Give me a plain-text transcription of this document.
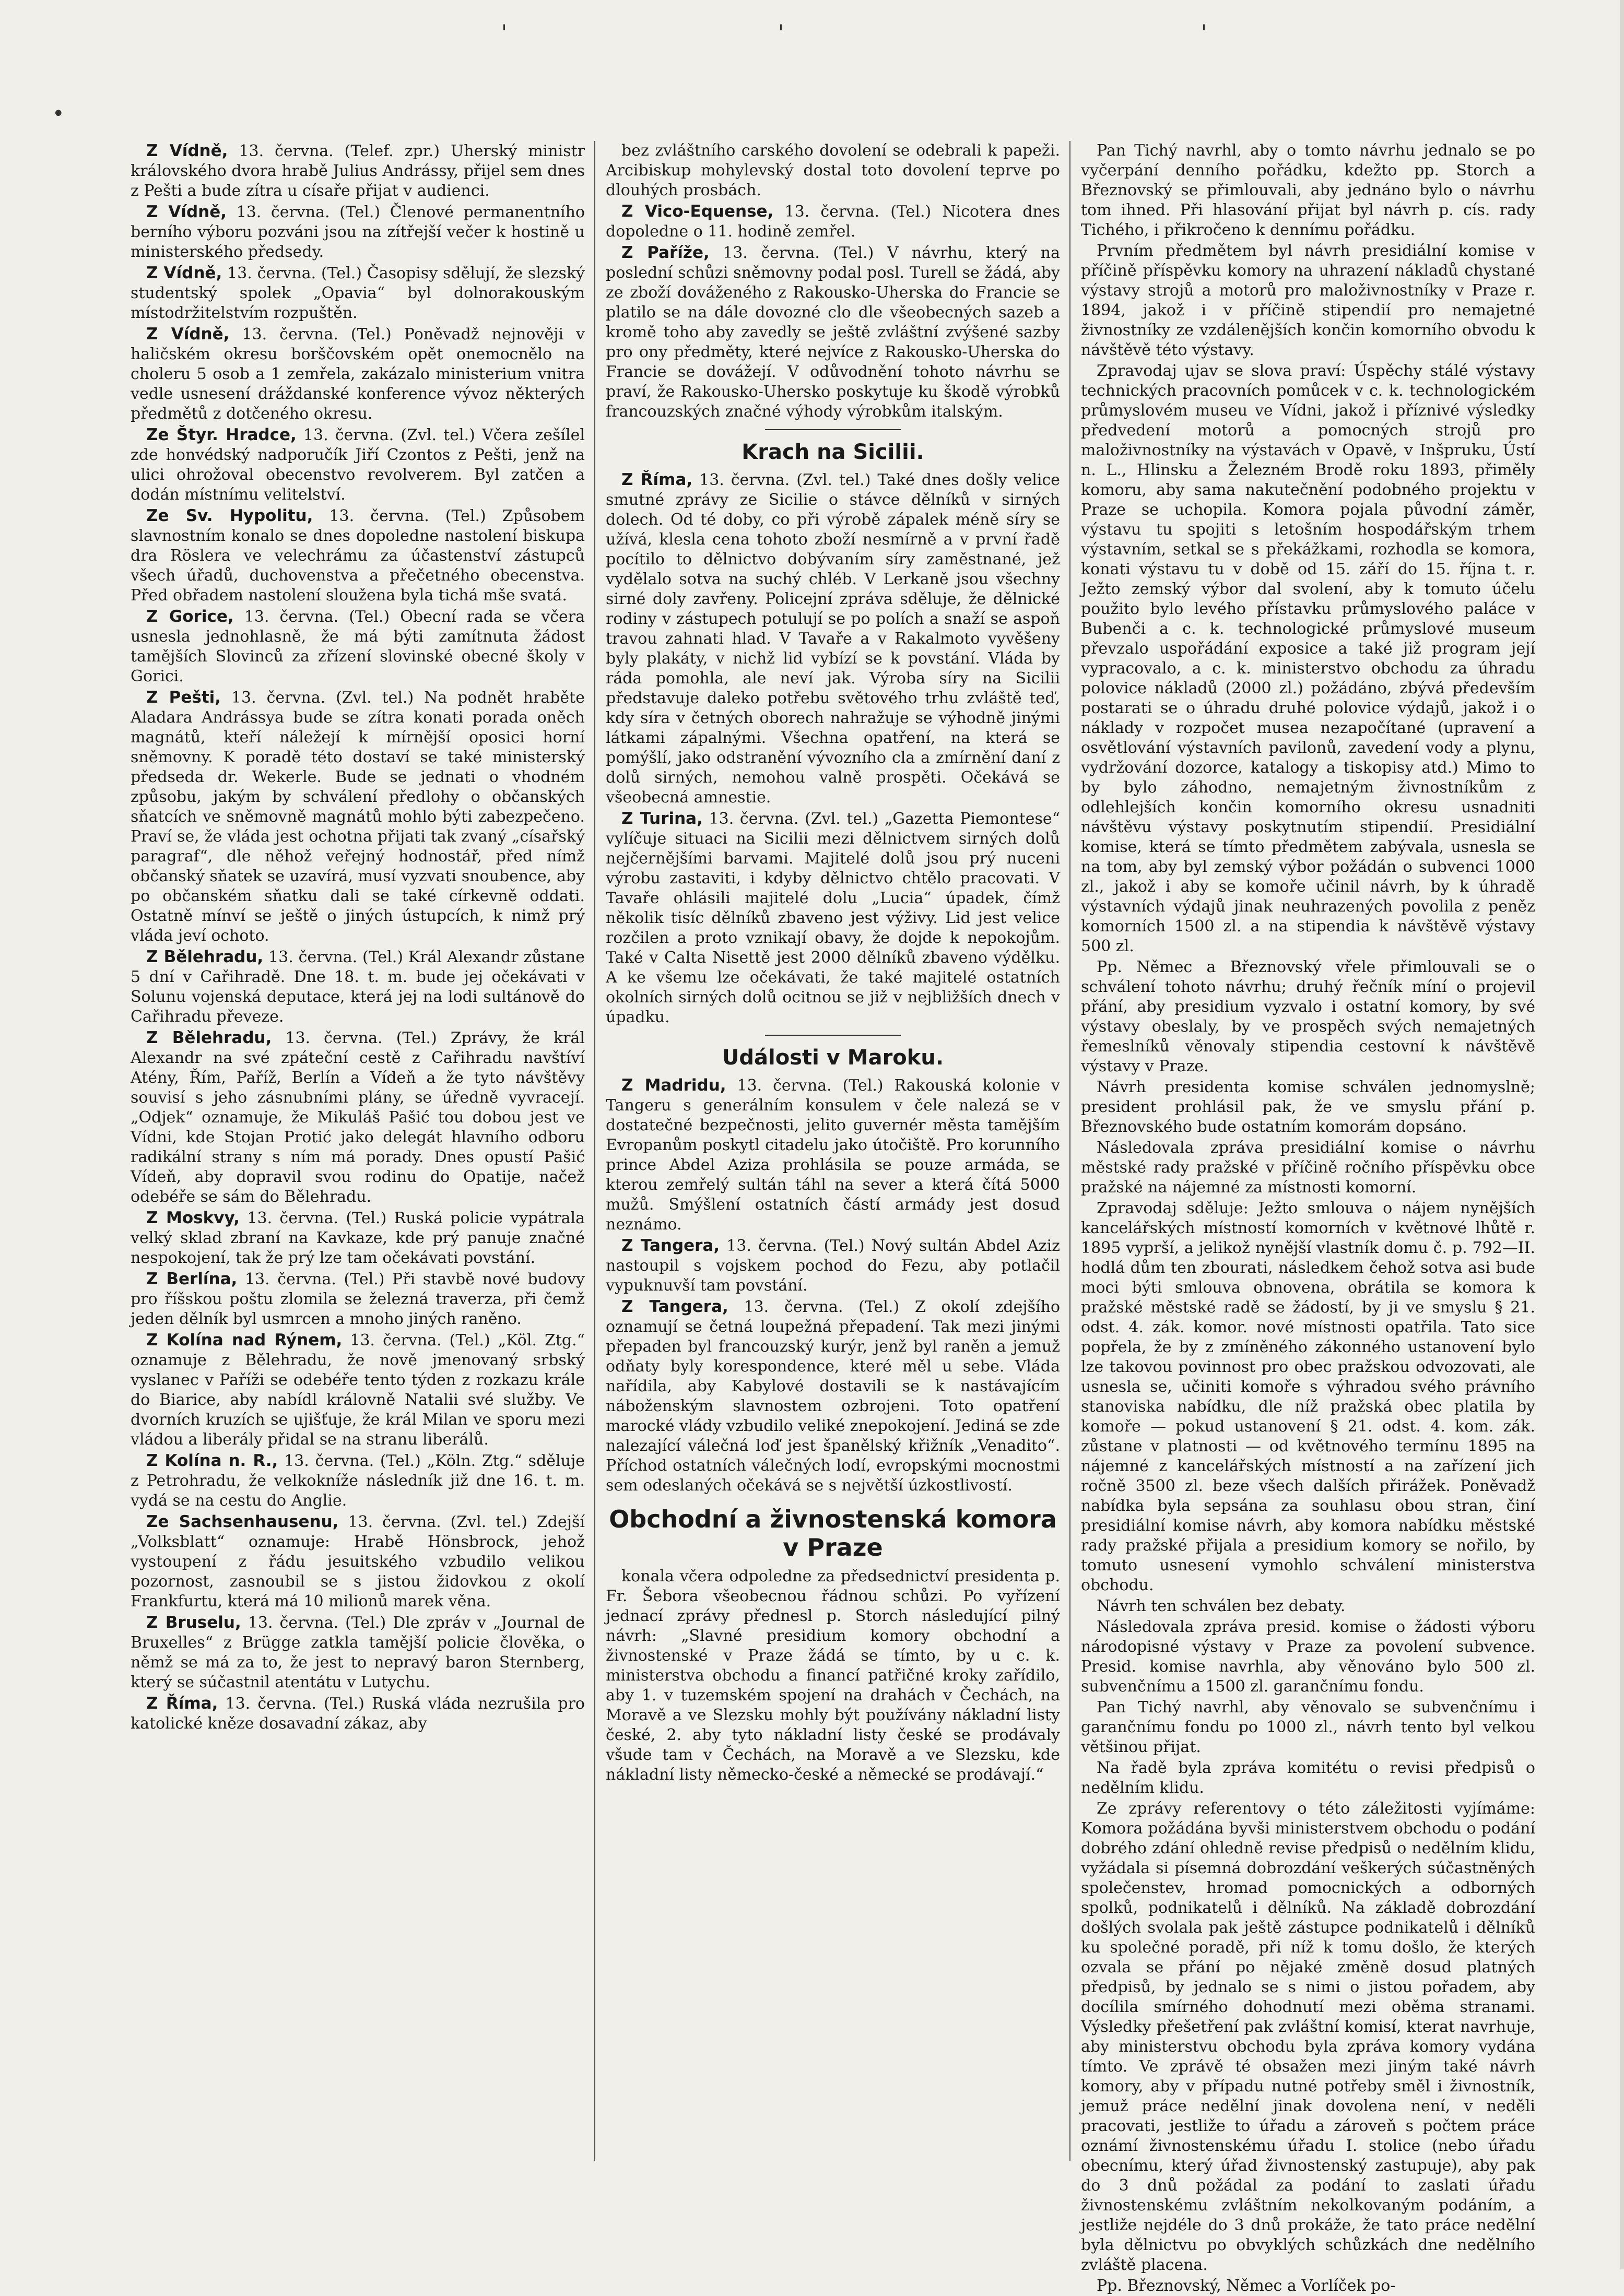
•
'	'	'

Z Vídně, 13. června. (Telef. zpr.) Uherský ministr královského dvora hrabě Julius Andrássy, přijel sem dnes z Pešti a bude zítra u císaře přijat v audienci.

Z Vídně, 13. června. (Tel.) Členové permanentního berního výboru pozváni jsou na zítřejší večer k hostině u ministerského předsedy.

Z Vídně, 13. června. (Tel.) Časopisy sdělují, že slezský studentský spolek „Opavia“ byl dolnorakouským místodržitelstvím rozpuštěn.

Z Vídně, 13. června. (Tel.) Poněvadž nejnověji v haličském okresu borščovském opět onemocnělo na choleru 5 osob a 1 zemřela, zakázalo ministerium vnitra vedle usnesení dráždanské konference vývoz některých předmětů z dotčeného okresu.

Ze Štyr. Hradce, 13. června. (Zvl. tel.) Včera zešílel zde honvédský nadporučík Jiří Czontos z Pešti, jenž na ulici ohrožoval obecenstvo revolverem. Byl zatčen a dodán místnímu velitelství.

Ze Sv. Hypolitu, 13. června. (Tel.) Způsobem slavnostním konalo se dnes dopoledne nastolení biskupa dra Röslera ve velechrámu za účastenství zástupců všech úřadů, duchovenstva a přečetného obecenstva. Před obřadem nastolení sloužena byla tichá mše svatá.

Z Gorice, 13. června. (Tel.) Obecní rada se včera usnesla jednohlasně, že má býti zamítnuta žádost tamějších Slovinců za zřízení slovinské obecné školy v Gorici.

Z Pešti, 13. června. (Zvl. tel.) Na podnět hraběte Aladara Andrássya bude se zítra konati porada oněch magnátů, kteří náležejí k mírnější oposici horní sněmovny. K poradě této dostaví se také ministerský předseda dr. Wekerle. Bude se jednati o vhodném způsobu, jakým by schválení předlohy o občanských sňatcích ve sněmovně magnátů mohlo býti zabezpečeno. Praví se, že vláda jest ochotna přijati tak zvaný „císařský paragraf“, dle něhož veřejný hodnostář, před nímž občanský sňatek se uzavírá, musí vyzvati snoubence, aby po občanském sňatku dali se také církevně oddati. Ostatně mínví se ještě o jiných ústupcích, k nimž prý vláda jeví ochoto.

Z Bělehradu, 13. června. (Tel.) Král Alexandr zůstane 5 dní v Cařihradě. Dne 18. t. m. bude jej očekávati v Solunu vojenská deputace, která jej na lodi sultánově do Cařihradu převeze.

Z Bělehradu, 13. června. (Tel.) Zprávy, že král Alexandr na své zpáteční cestě z Cařihradu navštíví Atény, Řím, Paříž, Berlín a Vídeň a že tyto návštěvy souvisí s jeho zásnubními plány, se úředně vyvracejí. „Odjek“ oznamuje, že Mikuláš Pašić tou dobou jest ve Vídni, kde Stojan Protić jako delegát hlavního odboru radikální strany s ním má porady. Dnes opustí Pašić Vídeň, aby dopravil svou rodinu do Opatije, načež odebéře se sám do Bělehradu.

Z Moskvy, 13. června. (Tel.) Ruská policie vypátrala velký sklad zbraní na Kavkaze, kde prý panuje značné nespokojení, tak že prý lze tam očekávati povstání.

Z Berlína, 13. června. (Tel.) Při stavbě nové budovy pro říšskou poštu zlomila se železná traverza, při čemž jeden dělník byl usmrcen a mnoho jiných raněno.

Z Kolína nad Rýnem, 13. června. (Tel.) „Köl. Ztg.“ oznamuje z Bělehradu, že nově jmenovaný srbský vyslanec v Paříži se odebéře tento týden z rozkazu krále do Biarice, aby nabídl královně Natalii své služby. Ve dvorních kruzích se ujišťuje, že král Milan ve sporu mezi vládou a liberály přidal se na stranu liberálů.

Z Kolína n. R., 13. června. (Tel.) „Köln. Ztg.“ sděluje z Petrohradu, že velkokníže následník již dne 16. t. m. vydá se na cestu do Anglie.

Ze Sachsenhausenu, 13. června. (Zvl. tel.) Zdejší „Volksblatt“ oznamuje: Hrabě Hönsbrock, jehož vystoupení z řádu jesuitského vzbudilo velikou pozornost, zasnoubil se s jistou židovkou z okolí Frankfurtu, která má 10 milionů marek věna.

Z Bruselu, 13. června. (Tel.) Dle zpráv v „Journal de Bruxelles“ z Brügge zatkla tamější policie člověka, o němž se má za to, že jest to nepravý baron Sternberg, který se súčastnil atentátu v Lutychu.

Z Říma, 13. června. (Tel.) Ruská vláda nezrušila pro katolické kněze dosavadní zákaz, aby

bez zvláštního carského dovolení se odebrali k papeži. Arcibiskup mohylevský dostal toto dovolení teprve po dlouhých prosbách.

Z Vico-Equense, 13. června. (Tel.) Nicotera dnes dopoledne o 11. hodině zemřel.

Z Paříže, 13. června. (Tel.) V návrhu, který na poslední schůzi sněmovny podal posl. Turell se žádá, aby ze zboží dováženého z Rakousko-Uherska do Francie se platilo se na dále dovozné clo dle všeobecných sazeb a kromě toho aby zavedly se ještě zvláštní zvýšené sazby pro ony předměty, které nejvíce z Rakousko-Uherska do Francie se dovážejí. V odůvodnění tohoto návrhu se praví, že Rakousko-Uhersko poskytuje ku škodě výrobků francouzských značné výhody výrobkům italským.

Krach na Sicilii.

Z Říma, 13. června. (Zvl. tel.) Také dnes došly velice smutné zprávy ze Sicilie o stávce dělníků v sirných dolech. Od té doby, co při výrobě zápalek méně síry se užívá, klesla cena tohoto zboží nesmírně a v první řadě pocítilo to dělnictvo dobývaním síry zaměstnané, jež vydělalo sotva na suchý chléb. V Lerkaně jsou všechny sirné doly zavřeny. Policejní zpráva sděluje, že dělnické rodiny v zástupech potulují se po polích a snaží se aspoň travou zahnati hlad. V Tavaře a v Rakalmoto vyvěšeny byly plakáty, v nichž lid vybízí se k povstání. Vláda by ráda pomohla, ale neví jak. Výroba síry na Sicilii představuje daleko potřebu světového trhu zvláště teď, kdy síra v četných oborech nahražuje se výhodně jinými látkami zápalnými. Všechna opatření, na která se pomýšlí, jako odstranění vývozního cla a zmírnění daní z dolů sirných, nemohou valně prospěti. Očekává se všeobecná amnestie.

Z Turina, 13. června. (Zvl. tel.) „Gazetta Piemontese“ vylíčuje situaci na Sicilii mezi dělnictvem sirných dolů nejčernějšími barvami. Majitelé dolů jsou prý nuceni výrobu zastaviti, i kdyby dělnictvo chtělo pracovati. V Tavaře ohlásili majitelé dolu „Lucia“ úpadek, čímž několik tisíc dělníků zbaveno jest výživy. Lid jest velice rozčilen a proto vznikají obavy, že dojde k nepokojům. Také v Calta Nisettě jest 2000 dělníků zbaveno výdělku. A ke všemu lze očekávati, že také majitelé ostatních okolních sirných dolů ocitnou se již v nejbližších dnech v úpadku.

Události v Maroku.

Z Madridu, 13. června. (Tel.) Rakouská kolonie v Tangeru s generálním konsulem v čele nalezá se v dostatečné bezpečnosti, jelito guvernér města tamějším Evropanům poskytl citadelu jako útočiště. Pro korunního prince Abdel Aziza prohlásila se pouze armáda, se kterou zemřelý sultán táhl na sever a která čítá 5000 mužů. Smýšlení ostatních částí armády jest dosud neznámo.

Z Tangera, 13. června. (Tel.) Nový sultán Abdel Aziz nastoupil s vojskem pochod do Fezu, aby potlačil vypuknuvší tam povstání.

Z Tangera, 13. června. (Tel.) Z okolí zdejšího oznamují se četná loupežná přepadení. Tak mezi jinými přepaden byl francouzský kurýr, jenž byl raněn a jemuž odňaty byly korespondence, které měl u sebe. Vláda nařídila, aby Kabylové dostavili se k nastávajícím náboženským slavnostem ozbrojeni. Toto opatření marocké vlády vzbudilo veliké znepokojení. Jediná se zde nalezající válečná loď jest španělský křižník „Venadito“. Příchod ostatních válečných lodí, evropskými mocnostmi sem odeslaných očekává se s největší úzkostlivostí.

Obchodní a živnostenská komora
v Praze

konala včera odpoledne za předsednictví presidenta p. Fr. Šebora všeobecnou řádnou schůzi. Po vyřízení jednací zprávy přednesl p. Storch následující pilný návrh: „Slavné presidium komory obchodní a živnostenské v Praze žádá se tímto, by u c. k. ministerstva obchodu a financí patřičné kroky zařídilo, aby 1. v tuzemském spojení na drahách v Čechách, na Moravě a ve Slezsku mohly být používány nákladní listy české, 2. aby tyto nákladní listy české se prodávaly všude tam v Čechách, na Moravě a ve Slezsku, kde nákladní listy německo-české a německé se prodávají.“

Pan Tichý navrhl, aby o tomto návrhu jednalo se po vyčerpání denního pořádku, kdežto pp. Storch a Březnovský se přimlouvali, aby jednáno bylo o návrhu tom ihned. Při hlasování přijat byl návrh p. cís. rady Tichého, i přikročeno k dennímu pořádku.

Prvním předmětem byl návrh presidiální komise v příčině příspěvku komory na uhrazení nákladů chystané výstavy strojů a motorů pro maloživnostníky v Praze r. 1894, jakož i v příčině stipendií pro nemajetné živnostníky ze vzdálenějších končin komorního obvodu k návštěvě této výstavy.

Zpravodaj ujav se slova praví: Úspěchy stálé výstavy technických pracovních pomůcek v c. k. technologickém průmyslovém museu ve Vídni, jakož i příznivé výsledky předvedení motorů a pomocných strojů pro maloživnostníky na výstavách v Opavě, v Inšpruku, Ústí n. L., Hlinsku a Železném Brodě roku 1893, přiměly komoru, aby sama nakutečnění podobného projektu v Praze se uchopila. Komora pojala původní záměr, výstavu tu spojiti s letošním hospodářským trhem výstavním, setkal se s překážkami, rozhodla se komora, konati výstavu tu v době od 15. září do 15. října t. r. Ježto zemský výbor dal svolení, aby k tomuto účelu použito bylo levého přístavku průmyslového paláce v Bubenči a c. k. technologické průmyslové museum převzalo uspořádání exposice a také již program její vypracovalo, a c. k. ministerstvo obchodu za úhradu polovice nákladů (2000 zl.) požádáno, zbývá především postarati se o úhradu druhé polovice výdajů, jakož i o náklady v rozpočet musea nezapočítané (upravení a osvětlování výstavních pavilonů, zavedení vody a plynu, vydržování dozorce, katalogy a tiskopisy atd.) Mimo to by bylo záhodno, nemajetným živnostníkům z odlehlejších končin komorního okresu usnadniti návštěvu výstavy poskytnutím stipendií. Presidiální komise, která se tímto předmětem zabývala, usnesla se na tom, aby byl zemský výbor požádán o subvenci 1000 zl., jakož i aby se komoře učinil návrh, by k úhradě výstavních výdajů jinak neuhrazených povolila z peněz komorních 1500 zl. a na stipendia k návštěvě výstavy 500 zl.

Pp. Němec a Březnovský vřele přimlouvali se o schválení tohoto návrhu; druhý řečník míní o projevil přání, aby presidium vyzvalo i ostatní komory, by své výstavy obeslaly, by ve prospěch svých nemajetných řemeslníků věnovaly stipendia cestovní k návštěvě výstavy v Praze.

Návrh presidenta komise schválen jednomyslně; president prohlásil pak, že ve smyslu přání p. Březnovského bude ostatním komorám dopsáno.

Následovala zpráva presidiální komise o návrhu městské rady pražské v příčině ročního příspěvku obce pražské na nájemné za místnosti komorní.

Zpravodaj sděluje: Ježto smlouva o nájem nynějších kancelářských místností komorních v květnové lhůtě r. 1895 vyprší, a jelikož nynější vlastník domu č. p. 792—II. hodlá dům ten zbourati, následkem čehož sotva asi bude moci býti smlouva obnovena, obrátila se komora k pražské městské radě se žádostí, by ji ve smyslu § 21. odst. 4. zák. komor. nové místnosti opatřila. Tato sice popřela, že by z zmíněného zákonného ustanovení bylo lze takovou povinnost pro obec pražskou odvozovati, ale usnesla se, učiniti komoře s výhradou svého právního stanoviska nabídku, dle níž pražská obec platila by komoře — pokud ustanovení § 21. odst. 4. kom. zák. zůstane v platnosti — od květnového termínu 1895 na nájemné z kancelářských místností a na zařízení jich ročně 3500 zl. beze všech dalších přirážek. Poněvadž nabídka byla sepsána za souhlasu obou stran, činí presidiální komise návrh, aby komora nabídku městské rady pražské přijala a presidium komory se nořilo, by tomuto usnesení vymohlo schválení ministerstva obchodu.

Návrh ten schválen bez debaty.

Následovala zpráva presid. komise o žádosti výboru národopisné výstavy v Praze za povolení subvence. Presid. komise navrhla, aby věnováno bylo 500 zl. subvenčnímu a 1500 zl. garančnímu fondu.

Pan Tichý navrhl, aby věnovalo se subvenčnímu i garančnímu fondu po 1000 zl., návrh tento byl velkou většinou přijat.

Na řadě byla zpráva komitétu o revisi předpisů o nedělním klidu.

Ze zprávy referentovy o této záležitosti vyjímáme: Komora požádána byvši ministerstvem obchodu o podání dobrého zdání ohledně revise předpisů o nedělním klidu, vyžádala si písemná dobrozdání veškerých súčastněných společenstev, hromad pomocnických a odborných spolků, podnikatelů i dělníků. Na základě dobrozdání došlých svolala pak ještě zástupce podnikatelů i dělníků ku společné poradě, při níž k tomu došlo, že kterých ozvala se přání po nějaké změně dosud platných předpisů, by jednalo se s nimi o jistou pořadem, aby docílila smírného dohodnutí mezi oběma stranami. Výsledky přešetření pak zvláštní komisí, kterat navrhuje, aby ministerstvu obchodu byla zpráva komory vydána tímto. Ve zprávě té obsažen mezi jiným také návrh komory, aby v případu nutné potřeby směl i živnostník, jemuž práce nedělní jinak dovolena není, v neděli pracovati, jestliže to úřadu a zároveň s počtem práce oznámí živnostenskému úřadu I. stolice (nebo úřadu obecnímu, který úřad živnostenský zastupuje), aby pak do 3 dnů požádal za podání to zaslati úřadu živnostenskému zvláštním nekolkovaným podáním, a jestliže nejdéle do 3 dnů prokáže, že tato práce nedělní byla dělnictvu po obvyklých schůzkách dne nedělního zvláště placena.

Pp. Březnovský, Němec a Vorlíček po-
